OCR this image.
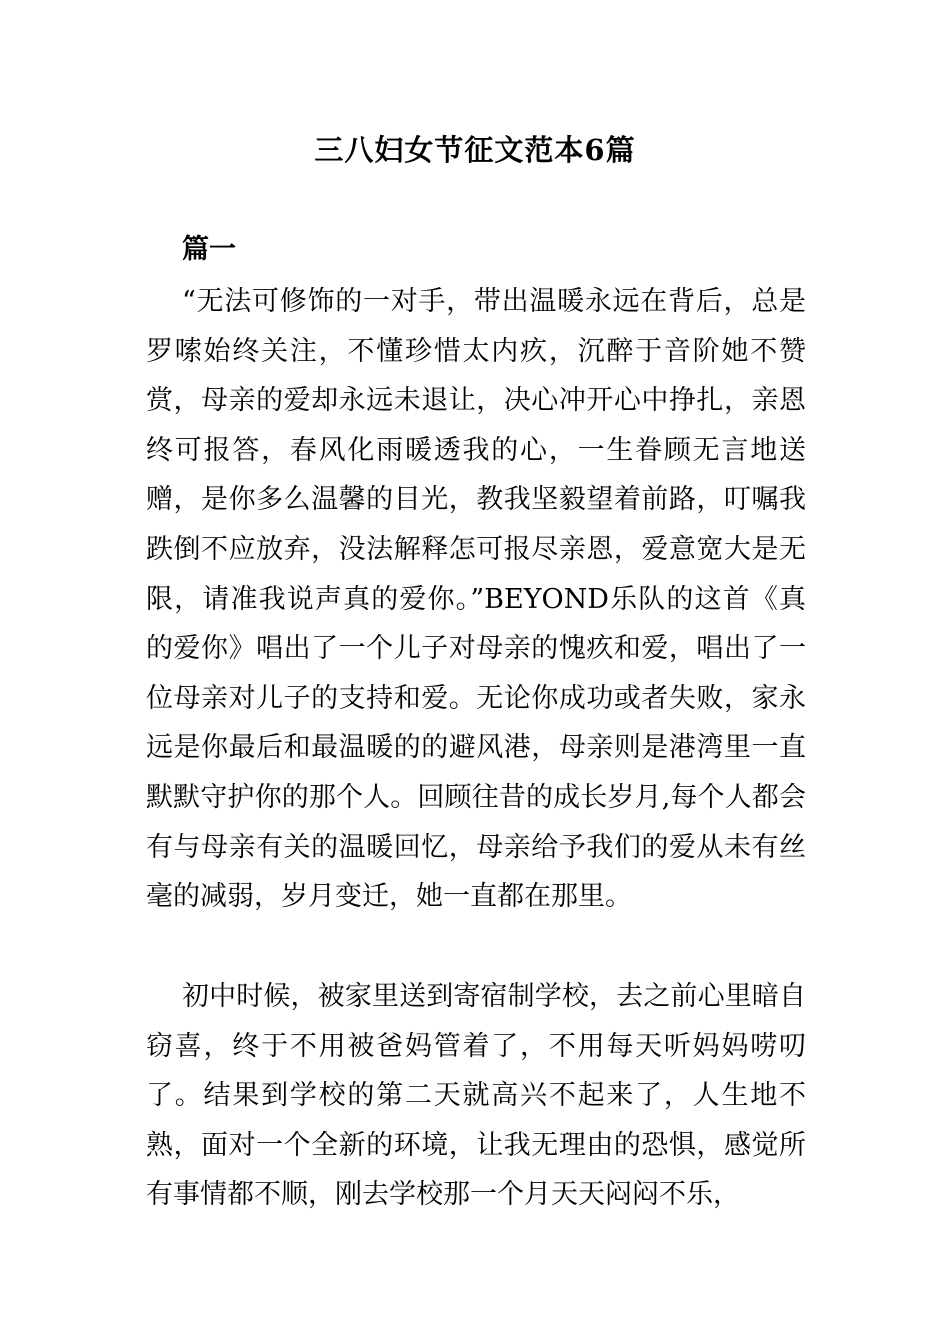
三八妇女节征文范本6篇
篇一

“无法可修饰的一对手，带出温暖永远在背后，总是罗嗦始终关注，不懂珍惜太内疚，沉醉于音阶她不赞赏，母亲的爱却永远未退让，决心冲开心中挣扎，亲恩终可报答，春风化雨暖透我的心，一生眷顾无言地送赠，是你多么温馨的目光，教我坚毅望着前路，叮嘱我跌倒不应放弃，没法解释怎可报尽亲恩，爱意宽大是无限，请准我说声真的爱你。”BEYOND乐队的这首《真的爱你》唱出了一个儿子对母亲的愧疚和爱，唱出了一位母亲对儿子的支持和爱。无论你成功或者失败，家永远是你最后和最温暖的的避风港，母亲则是港湾里一直默默守护你的那个人。回顾往昔的成长岁月,每个人都会有与母亲有关的温暖回忆，母亲给予我们的爱从未有丝毫的减弱，岁月变迁，她一直都在那里。

初中时候，被家里送到寄宿制学校，去之前心里暗自窃喜，终于不用被爸妈管着了，不用每天听妈妈唠叨了。结果到学校的第二天就高兴不起来了，人生地不熟，面对一个全新的环境，让我无理由的恐惧，感觉所有事情都不顺，刚去学校那一个月天天闷闷不乐，
